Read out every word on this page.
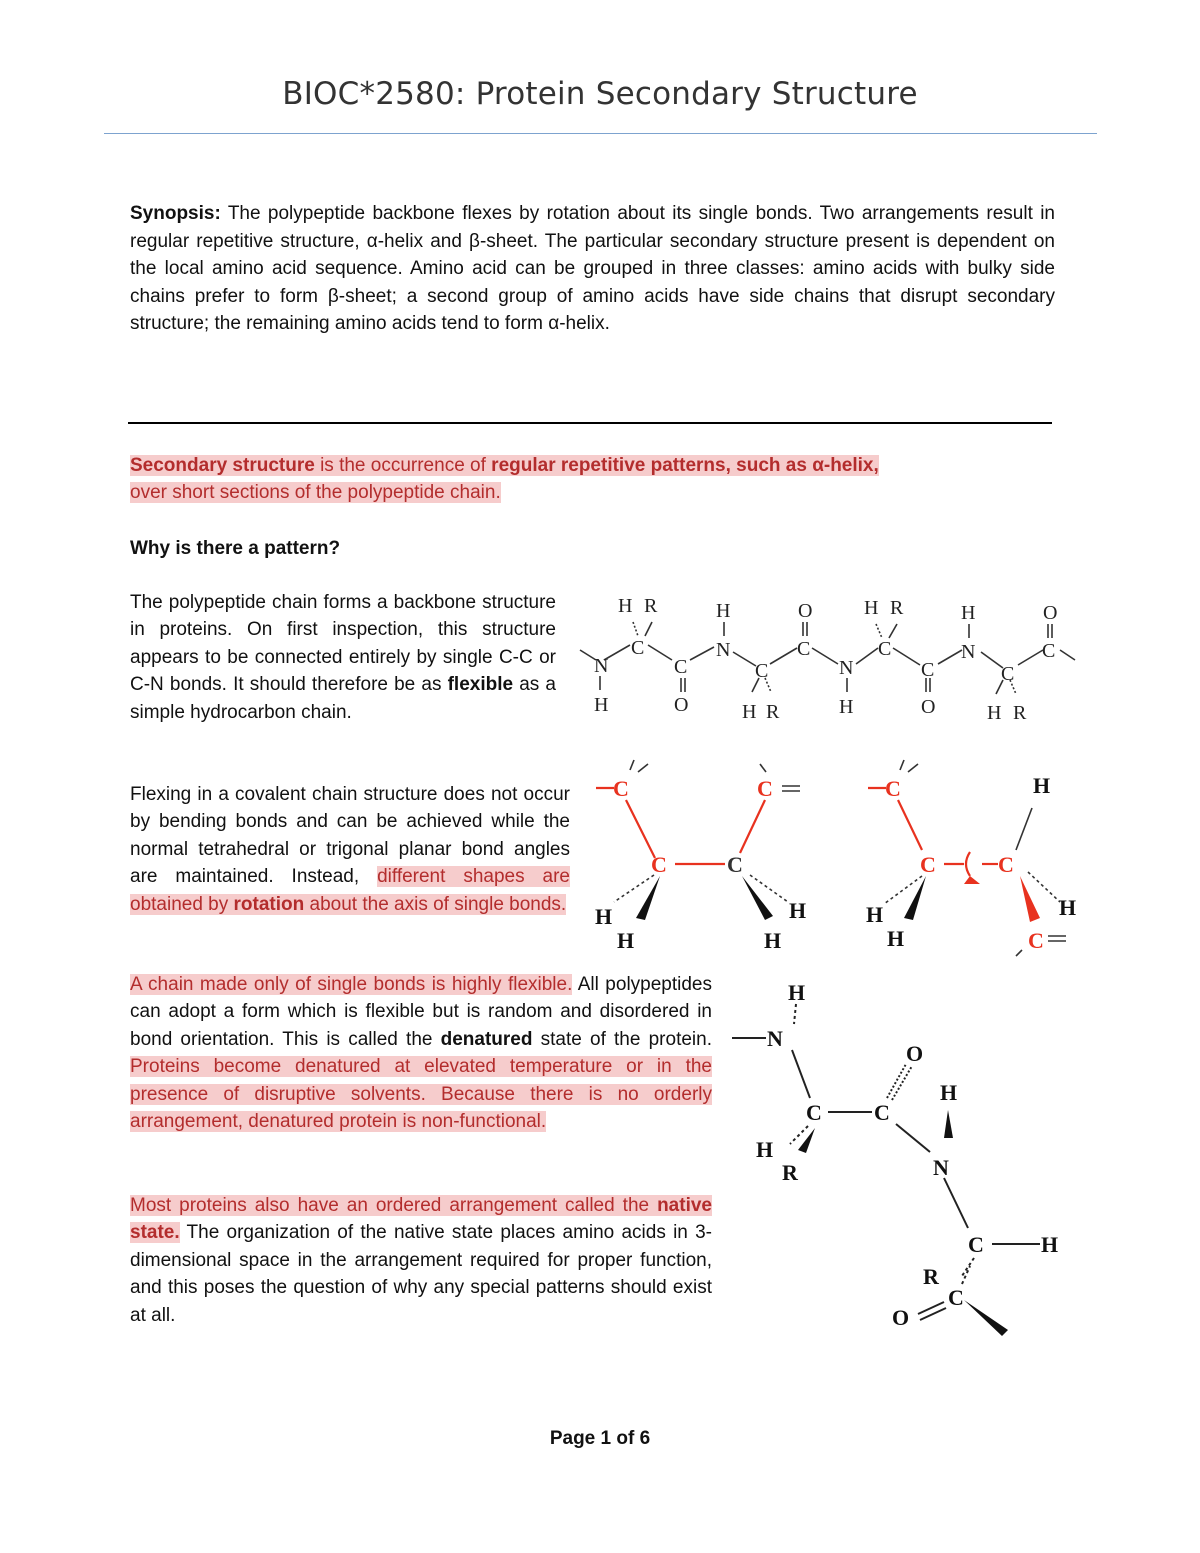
BIOC*2580: Protein Secondary Structure
Synopsis: The polypeptide backbone flexes by rotation about its single bonds. Two arrangements result in regular repetitive structure, α-helix and β-sheet. The particular secondary structure present is dependent on the local amino acid sequence. Amino acid can be grouped in three classes: amino acids with bulky side chains prefer to form β-sheet; a second group of amino acids have side chains that disrupt secondary structure; the remaining amino acids tend to form α-helix.
Secondary structure is the occurrence of regular repetitive patterns, such as α-helix,
over short sections of the polypeptide chain.
Why is there a pattern?
The polypeptide chain forms a backbone structure in proteins. On first inspection, this structure appears to be connected entirely by single C-C or C-N bonds. It should therefore be as flexible as a simple hydrocarbon chain.
Flexing in a covalent chain structure does not occur by bending bonds and can be achieved while the normal tetrahedral or trigonal planar bond angles are maintained. Instead, different shapes are obtained by rotation about the axis of single bonds.
A chain made only of single bonds is highly flexible. All polypeptides can adopt a form which is flexible but is random and disordered in bond orientation. This is called the denatured state of the protein. Proteins become denatured at elevated temperature or in the presence of disruptive solvents. Because there is no orderly arrangement, denatured protein is non-functional.
Most proteins also have an ordered arrangement called the native state. The organization of the native state places amino acids in 3-dimensional space in the arrangement required for proper function, and this poses the question of why any special patterns should exist at all.
N
H
H R
C
C
O
H
N
C
H R
O
C
N
H
H R
C
C
O
H
N
C
H R
O
C
C	C
C	C
H
H
H
H
C
C	C
C
H
H
H
H
H
N
O
H
C C
H
R	N
C	H
R
C
O
Page 1 of 6
